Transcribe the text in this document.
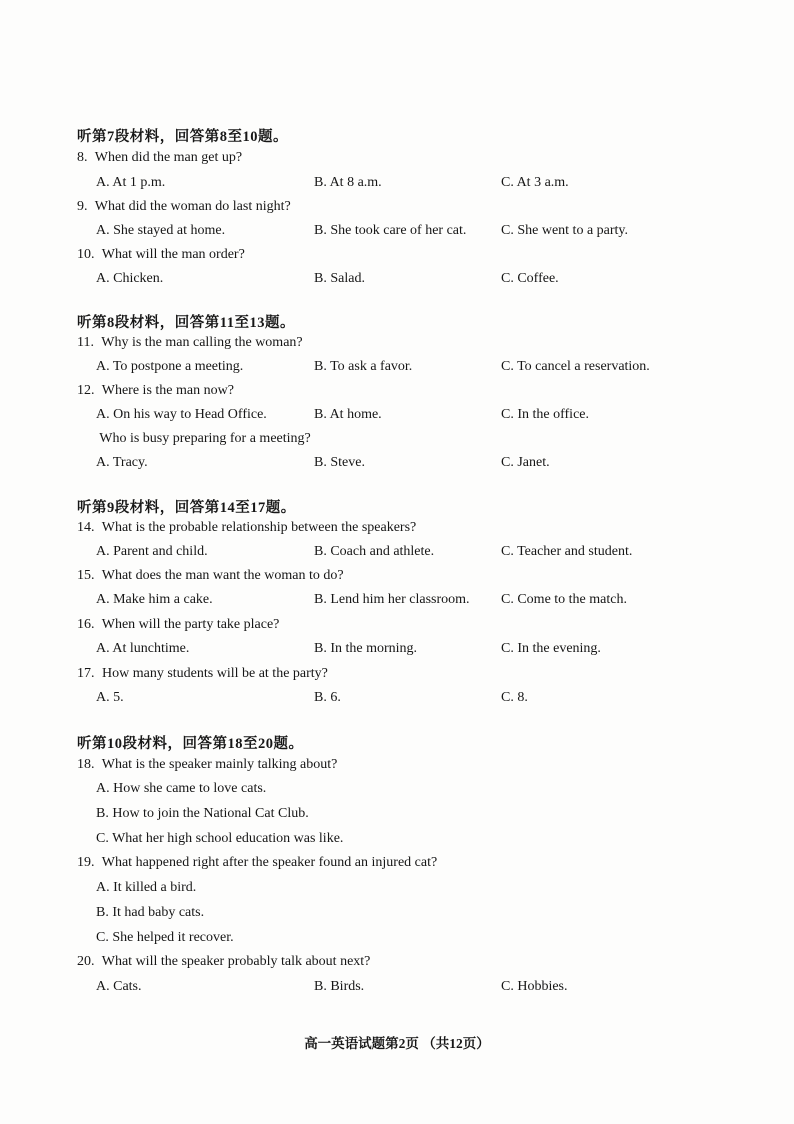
听第7段材料，回答第8至10题。
8. When did the man get up?
A. At 1 p.m.	B. At 8 a.m.	C. At 3 a.m.
9. What did the woman do last night?
A. She stayed at home.	B. She took care of her cat. C. She went to a party.
10. What will the man order?
A. Chicken.	B. Salad.	C. Coffee.
听第8段材料，回答第11至13题。
11. Why is the man calling the woman?
A. To postpone a meeting.	B. To ask a favor.	C. To cancel a reservation.
12. Where is the man now?
A. On his way to Head Office.	B. At home.	C. In the office.
Who is busy preparing for a meeting?
A. Tracy.	B. Steve.	C. Janet.
听第9段材料，回答第14至17题。
14. What is the probable relationship between the speakers?
A. Parent and child.	B. Coach and athlete.	C. Teacher and student.
15. What does the man want the woman to do?
A. Make him a cake.	B. Lend him her classroom. C. Come to the match.
16. When will the party take place?
A. At lunchtime.	B. In the morning.	C. In the evening.
17. How many students will be at the party?
A. 5.	B. 6.	C. 8.
听第10段材料，回答第18至20题。
18. What is the speaker mainly talking about?
A. How she came to love cats.
B. How to join the National Cat Club.
C. What her high school education was like.
19. What happened right after the speaker found an injured cat?
A. It killed a bird.
B. It had baby cats.
C. She helped it recover.
20. What will the speaker probably talk about next?
A. Cats.	B. Birds.	C. Hobbies.
高一英语试题第2页 （共12页）
